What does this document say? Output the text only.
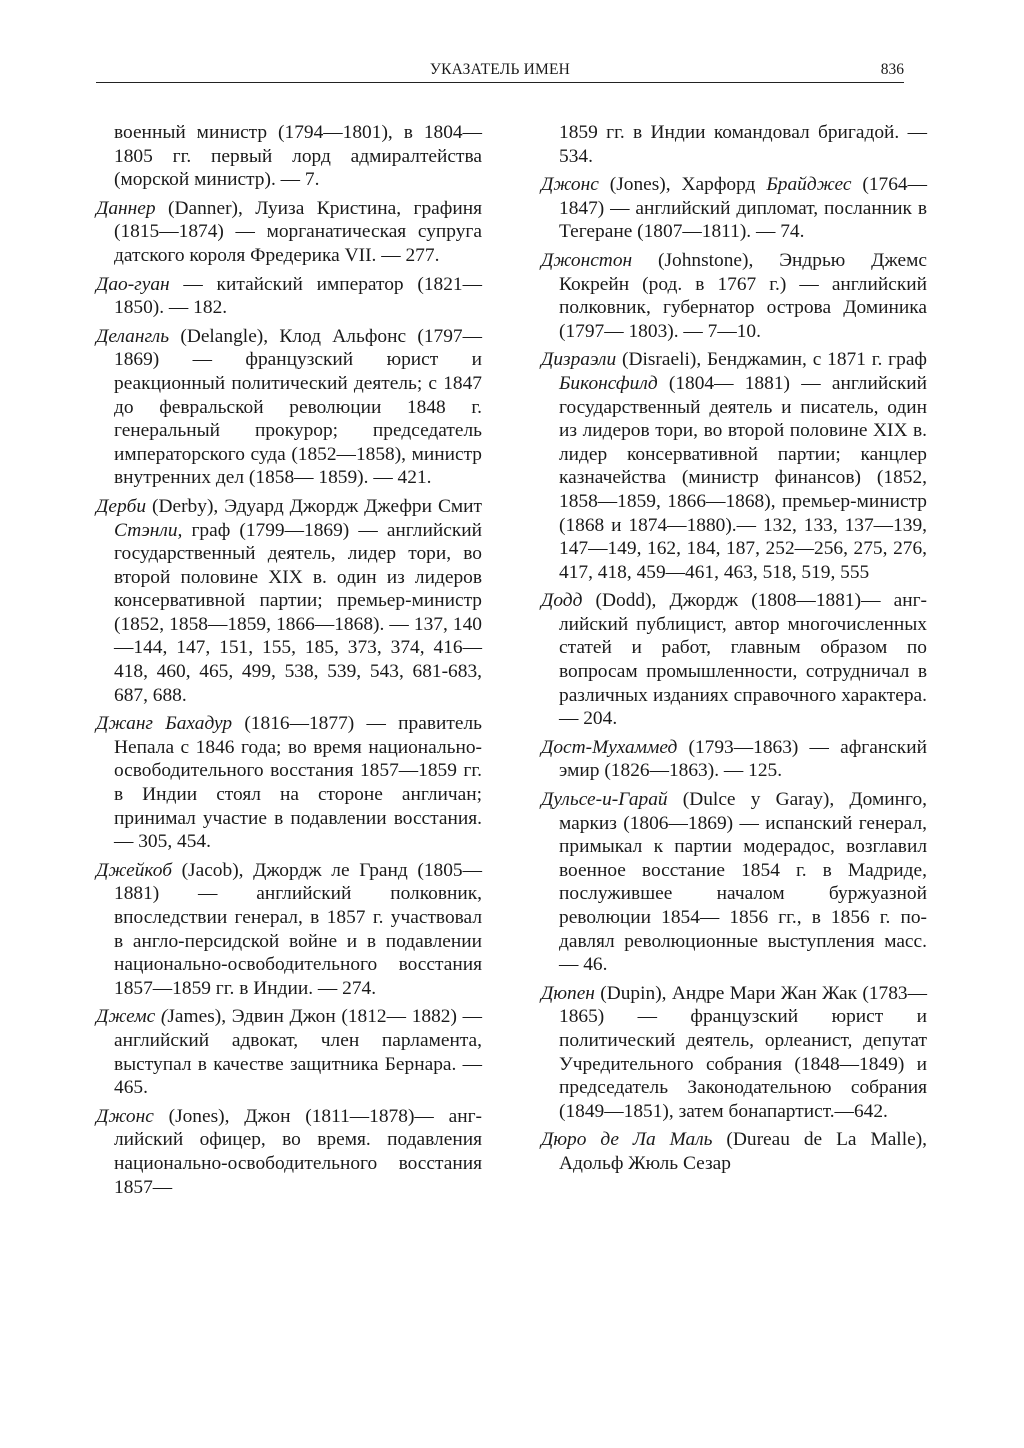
УКАЗАТЕЛЬ ИМЕН	836

военный министр (1794—1801), в 1804—1805 гг. первый лорд адмиралтейства (морской министр). — 7.

Даннер (Danner), Луиза Кристина, графиня (1815—1874) — морганатическая супруга датского короля Фредерика VII. — 277.

Дао-гуан — китайский император (1821—1850). — 182.

Делангль (Delangle), Клод Альфонс (1797—1869) — французский юрист и реакционный политический деятель; с 1847 до февральской революции 1848 г. генеральный прокурор; председатель императорского суда (1852—1858), министр внутренних дел (1858— 1859). — 421.

Дерби (Derby), Эдуард Джордж Джефри Смит Стэнли, граф (1799—1869) — английский государственный деятель, лидер тори, во второй половине XIX в. один из лидеров консервативной партии; премьер-министр (1852, 1858—1859, 1866—1868). — 137, 140—144, 147, 151, 155, 185, 373, 374, 416—418, 460, 465, 499, 538, 539, 543, 681-683, 687, 688.

Джанг Бахадур (1816—1877) — правитель Непала с 1846 года; во время национально-освободительного восстания 1857—1859 гг. в Индии стоял на стороне англичан; принимал участие в подавлении восстания. — 305, 454.

Джейкоб (Jacob), Джордж ле Гранд (1805—1881) — английский полковник, впоследствии генерал, в 1857 г. участвовал в англо-персидской войне и в подавлении национально-освободительного восстания 1857—1859 гг. в Индии. — 274.

Джемс (James), Эдвин Джон (1812— 1882) — английский адвокат, член парламента, выступал в качестве защитника Бернара. — 465.

Джонс (Jones), Джон (1811—1878)— английский офицер, во время. подавления национально-освободительного восстания 1857—

1859 гг. в Индии командовал бригадой. — 534.

Джонс (Jones), Харфорд Брайджес (1764—1847) — английский дипломат, посланник в Тегеране (1807—1811). — 74.

Джонстон (Johnstone), Эндрью Джемс Кокрейн (род. в 1767 г.) — английский полковник, губернатор острова Доминика (1797— 1803). — 7—10.

Дизраэли (Disraeli), Бенджамин, с 1871 г. граф Биконсфилд (1804— 1881) — английский государственный деятель и писатель, один из лидеров тори, во второй половине XIX в. лидер консервативной партии; канцлер казначейства (министр финансов) (1852, 1858—1859, 1866—1868), премьер-министр (1868 и 1874—1880).— 132, 133, 137—139, 147—149, 162, 184, 187, 252—256, 275, 276, 417, 418, 459—461, 463, 518, 519, 555

Додд (Dodd), Джордж (1808—1881)— английский публицист, автор многочисленных статей и работ, главным образом по вопросам промышленности, сотрудничал в различных изданиях справочного характера. — 204.

Дост-Мухаммед (1793—1863) — афганский эмир (1826—1863). — 125.

Дульсе-и-Гарай (Dulce y Garay), Доминго, маркиз (1806—1869) — испанский генерал, примыкал к партии модерадос, возглавил военное восстание 1854 г. в Мадриде, послужившее началом буржуазной революции 1854— 1856 гг., в 1856 г. подавлял революционные выступления масс. — 46.

Дюпен (Dupin), Андре Мари Жан Жак (1783—1865) — французский юрист и политический деятель, орлеанист, депутат Учредительного собрания (1848—1849) и председатель Законодательною собрания (1849—1851), затем бонапартист.—642.

Дюро де Ла Маль (Dureau de La Malle), Адольф Жюль Сезар
